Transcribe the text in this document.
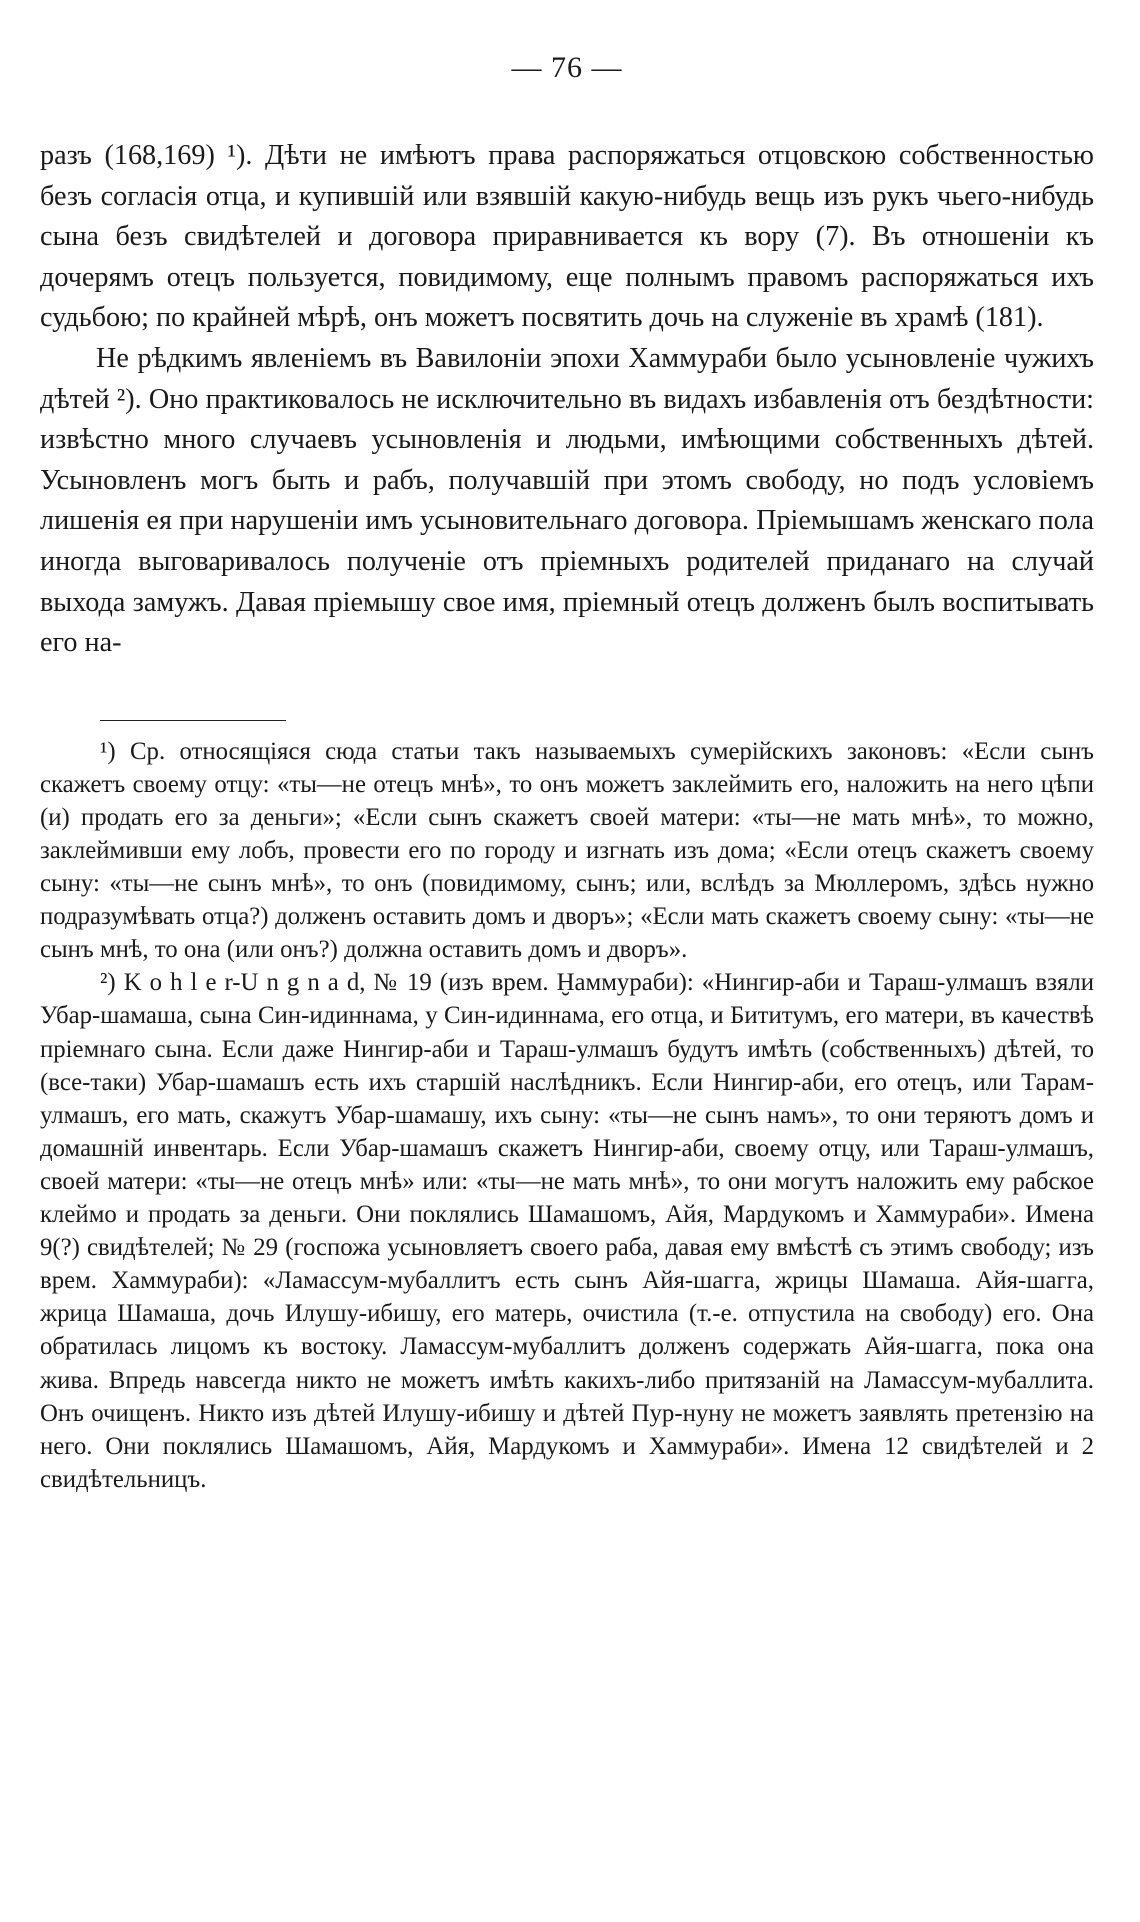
— 76 —

разъ (168,169) ¹). Дѣти не имѣютъ права распоряжаться отцовскою собственностью безъ согласія отца, и купившій или взявшій какую-нибудь вещь изъ рукъ чьего-нибудь сына безъ свидѣтелей и договора приравнивается къ вору (7). Въ отношеніи къ дочерямъ отецъ пользуется, повидимому, еще полнымъ правомъ распоряжаться ихъ судьбою; по крайней мѣрѣ, онъ можетъ посвятить дочь на служеніе въ храмѣ (181).

Не рѣдкимъ явленіемъ въ Вавилоніи эпохи Хаммураби было усыновленіе чужихъ дѣтей ²). Оно практиковалось не исключительно въ видахъ избавленія отъ бездѣтности: извѣстно много случаевъ усыновленія и людьми, имѣющими собственныхъ дѣтей. Усыновленъ могъ быть и рабъ, получавшій при этомъ свободу, но подъ условіемъ лишенія ея при нарушеніи имъ усыновительнаго договора. Пріемышамъ женскаго пола иногда выговаривалось полученіе отъ пріемныхъ родителей приданаго на случай выхода замужъ. Давая пріемышу свое имя, пріемный отецъ долженъ былъ воспитывать его на-

¹) Ср. относящіяся сюда статьи такъ называемыхъ сумерійскихъ законовъ: «Если сынъ скажетъ своему отцу: «ты—не отецъ мнѣ», то онъ можетъ заклеймить его, наложить на него цѣпи (и) продать его за деньги»; «Если сынъ скажетъ своей матери: «ты—не мать мнѣ», то можно, заклеймивши ему лобъ, провести его по городу и изгнать изъ дома; «Если отецъ скажетъ своему сыну: «ты—не сынъ мнѣ», то онъ (повидимому, сынъ; или, вслѣдъ за Мюллеромъ, здѣсь нужно подразумѣвать отца?) долженъ оставить домъ и дворъ»; «Если мать скажетъ своему сыну: «ты—не сынъ мнѣ, то она (или онъ?) должна оставить домъ и дворъ».

²) K o h l e r-U n g n a d, № 19 (изъ врем. Ḫаммураби): «Нингир-аби и Тараш-улмашъ взяли Убар-шамаша, сына Син-идиннама, у Син-идиннама, его отца, и Бититумъ, его матери, въ качествѣ пріемнаго сына. Если даже Нингир-аби и Тараш-улмашъ будутъ имѣть (собственныхъ) дѣтей, то (все-таки) Убар-шамашъ есть ихъ старшій наслѣдникъ. Если Нингир-аби, его отецъ, или Тарам-улмашъ, его мать, скажутъ Убар-шамашу, ихъ сыну: «ты—не сынъ намъ», то они теряютъ домъ и домашній инвентарь. Если Убар-шамашъ скажетъ Нингир-аби, своему отцу, или Тараш-улмашъ, своей матери: «ты—не отецъ мнѣ» или: «ты—не мать мнѣ», то они могутъ наложить ему рабское клеймо и продать за деньги. Они поклялись Шамашомъ, Айя, Мардукомъ и Хаммураби». Имена 9(?) свидѣтелей; № 29 (госпожа усыновляетъ своего раба, давая ему вмѣстѣ съ этимъ свободу; изъ врем. Хаммураби): «Ламассум-мубаллитъ есть сынъ Айя-шагга, жрицы Шамаша. Айя-шагга, жрица Шамаша, дочь Илушу-ибишу, его матерь, очистила (т.-е. отпустила на свободу) его. Она обратилась лицомъ къ востоку. Ламассум-мубаллитъ долженъ содержать Айя-шагга, пока она жива. Впредь навсегда никто не можетъ имѣть какихъ-либо притязаній на Ламассум-мубаллита. Онъ очищенъ. Никто изъ дѣтей Илушу-ибишу и дѣтей Пур-нуну не можетъ заявлять претензію на него. Они поклялись Шамашомъ, Айя, Мардукомъ и Хаммураби». Имена 12 свидѣтелей и 2 свидѣтельницъ.
